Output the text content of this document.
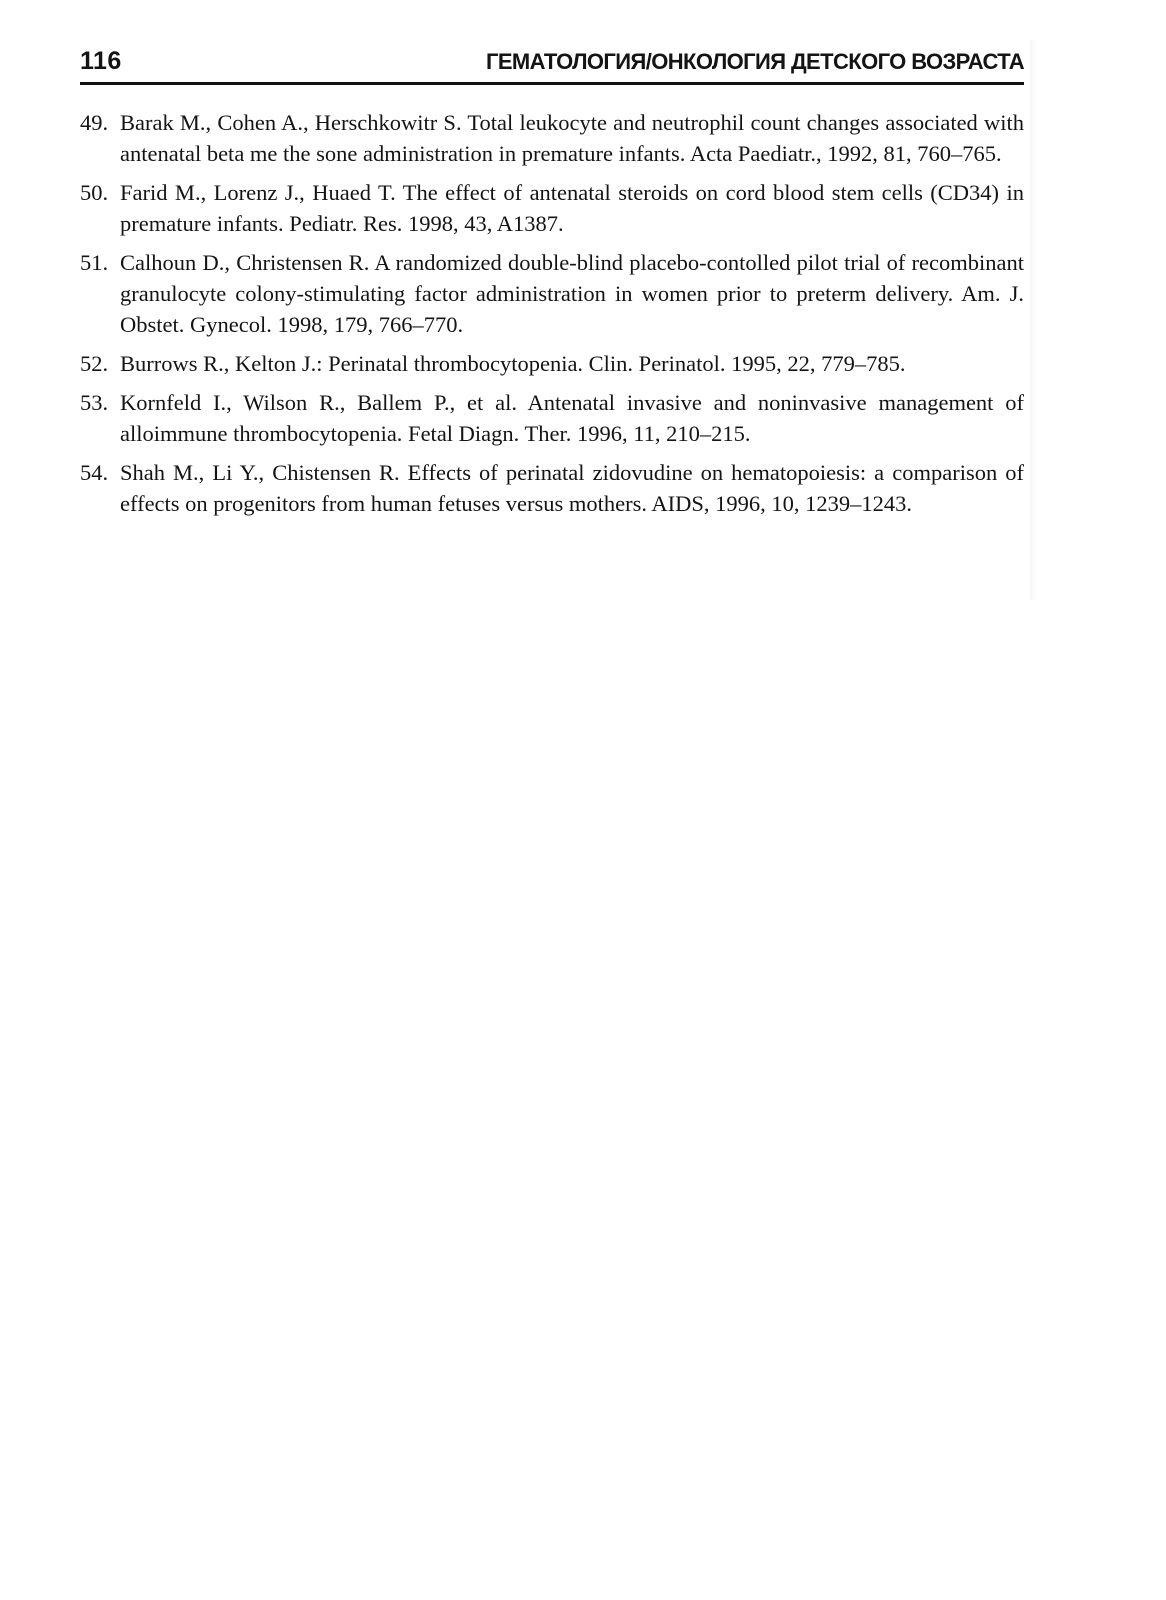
116	ГЕМАТОЛОГИЯ/ОНКОЛОГИЯ ДЕТСКОГО ВОЗРАСТА
49. Barak M., Cohen A., Herschkowitr S. Total leukocyte and neutrophil count changes associated with antenatal beta me the sone administration in premature infants. Acta Paediatr., 1992, 81, 760–765.
50. Farid M., Lorenz J., Huaed T. The effect of antenatal steroids on cord blood stem cells (CD34) in premature infants. Pediatr. Res. 1998, 43, A1387.
51. Calhoun D., Christensen R. A randomized double-blind placebo-contolled pilot trial of recombinant granulocyte colony-stimulating factor administration in women prior to preterm delivery. Am. J. Obstet. Gynecol. 1998, 179, 766–770.
52. Burrows R., Kelton J.: Perinatal thrombocytopenia. Clin. Perinatol. 1995, 22, 779–785.
53. Kornfeld I., Wilson R., Ballem P., et al. Antenatal invasive and noninvasive management of alloimmune thrombocytopenia. Fetal Diagn. Ther. 1996, 11, 210–215.
54. Shah M., Li Y., Chistensen R. Effects of perinatal zidovudine on hematopoiesis: a comparison of effects on progenitors from human fetuses versus mothers. AIDS, 1996, 10, 1239–1243.
